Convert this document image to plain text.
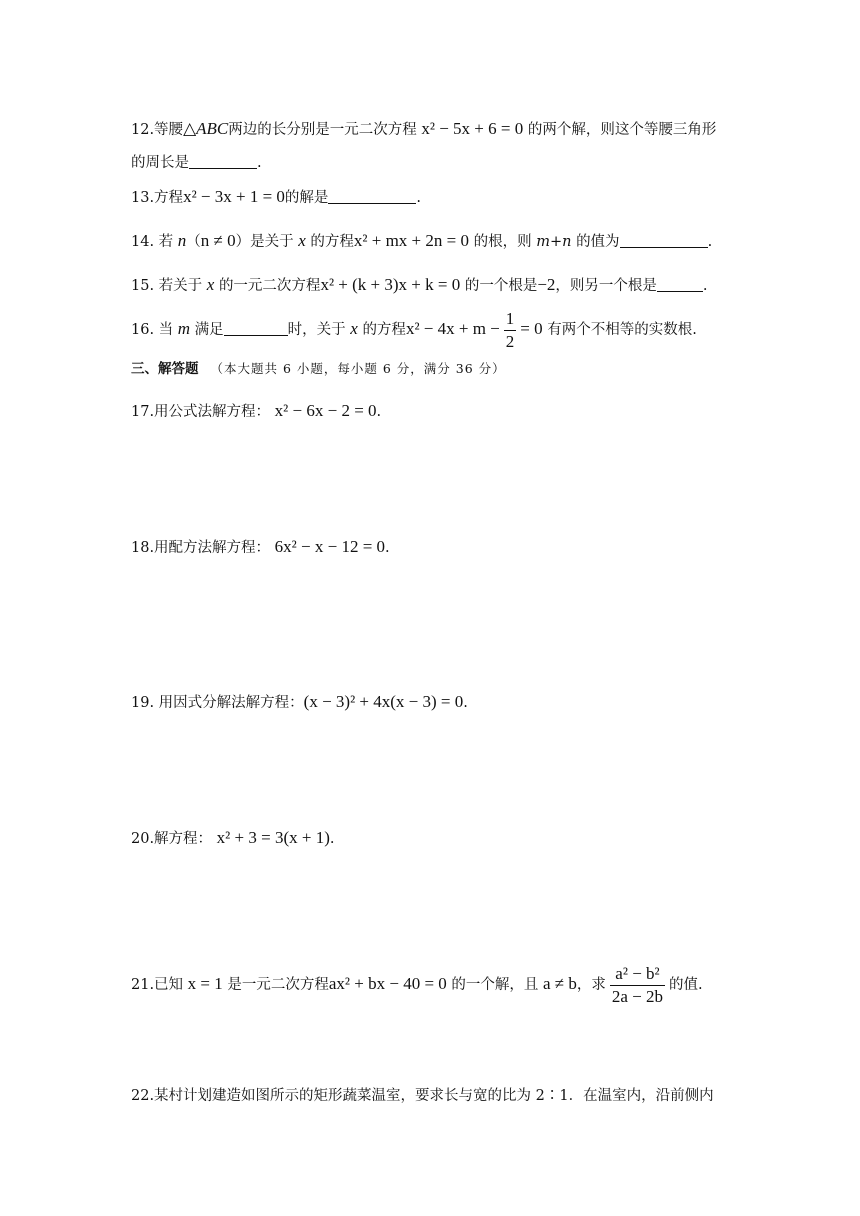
12.等腰△ABC两边的长分别是一元二次方程 x² − 5x + 6 = 0 的两个解，则这个等腰三角形
的周长是	.
13.方程x² − 3x + 1 = 0的解是	.
14. 若 n（n ≠ 0）是关于 x 的方程x² + mx + 2n = 0 的根，则 m+n 的值为	.
15. 若关于 x 的一元二次方程x² + (k + 3)x + k = 0 的一个根是−2，则另一个根是	.
16. 当 m 满足	时，关于 x 的方程$x^2 - 4x + m - \frac{1}{2} = 0$ 有两个不相等的实数根.
三、解答题 （本大题共 6 小题，每小题 6 分，满分 36 分）
17.用公式法解方程： x² − 6x − 2 = 0.
18.用配方法解方程： 6x² − x − 12 = 0.
19. 用因式分解法解方程：(x − 3)² + 4x(x − 3) = 0.
20.解方程： x² + 3 = 3(x + 1).
21.已知 x = 1 是一元二次方程ax² + bx − 40 = 0 的一个解，且 a ≠ b，求 $\frac{\text{a² − b²}}{2a - 2b}$ 的值.
22.某村计划建造如图所示的矩形蔬菜温室，要求长与宽的比为 2∶1．在温室内，沿前侧内
